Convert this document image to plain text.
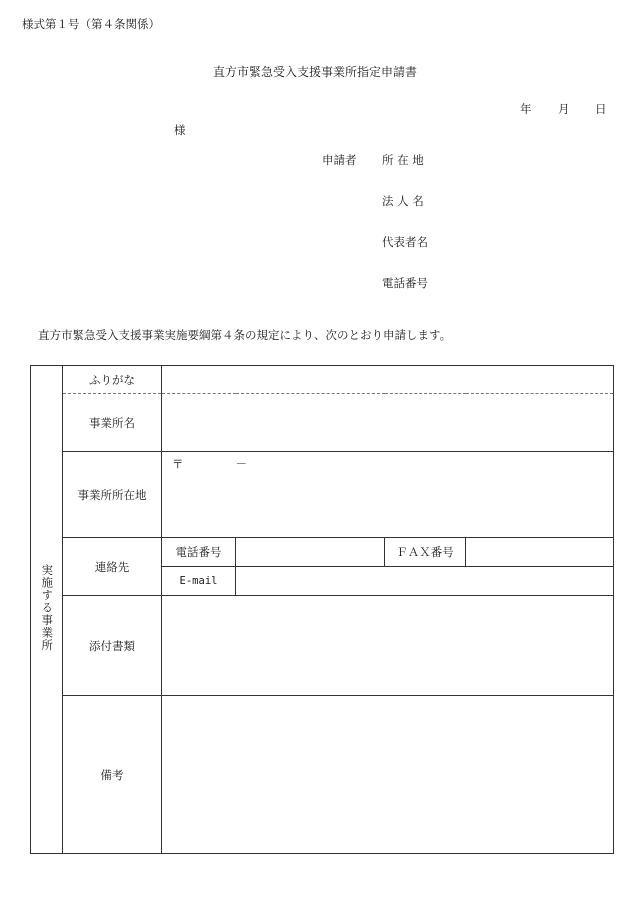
様式第１号（第４条関係）
直方市緊急受入支援事業所指定申請書
年 月 日
様
申請者 所 在 地
法 人 名
代表者名
電話番号
直方市緊急受入支援事業実施要綱第４条の規定により、次のとおり申請します。
実施する事業所	ふりがな				
	事業所名				
	事業所所在地	〒 －			
	連絡先	電話番号		ＦＡＸ番号	
		E-mail			
	添付書類				
	備考				
